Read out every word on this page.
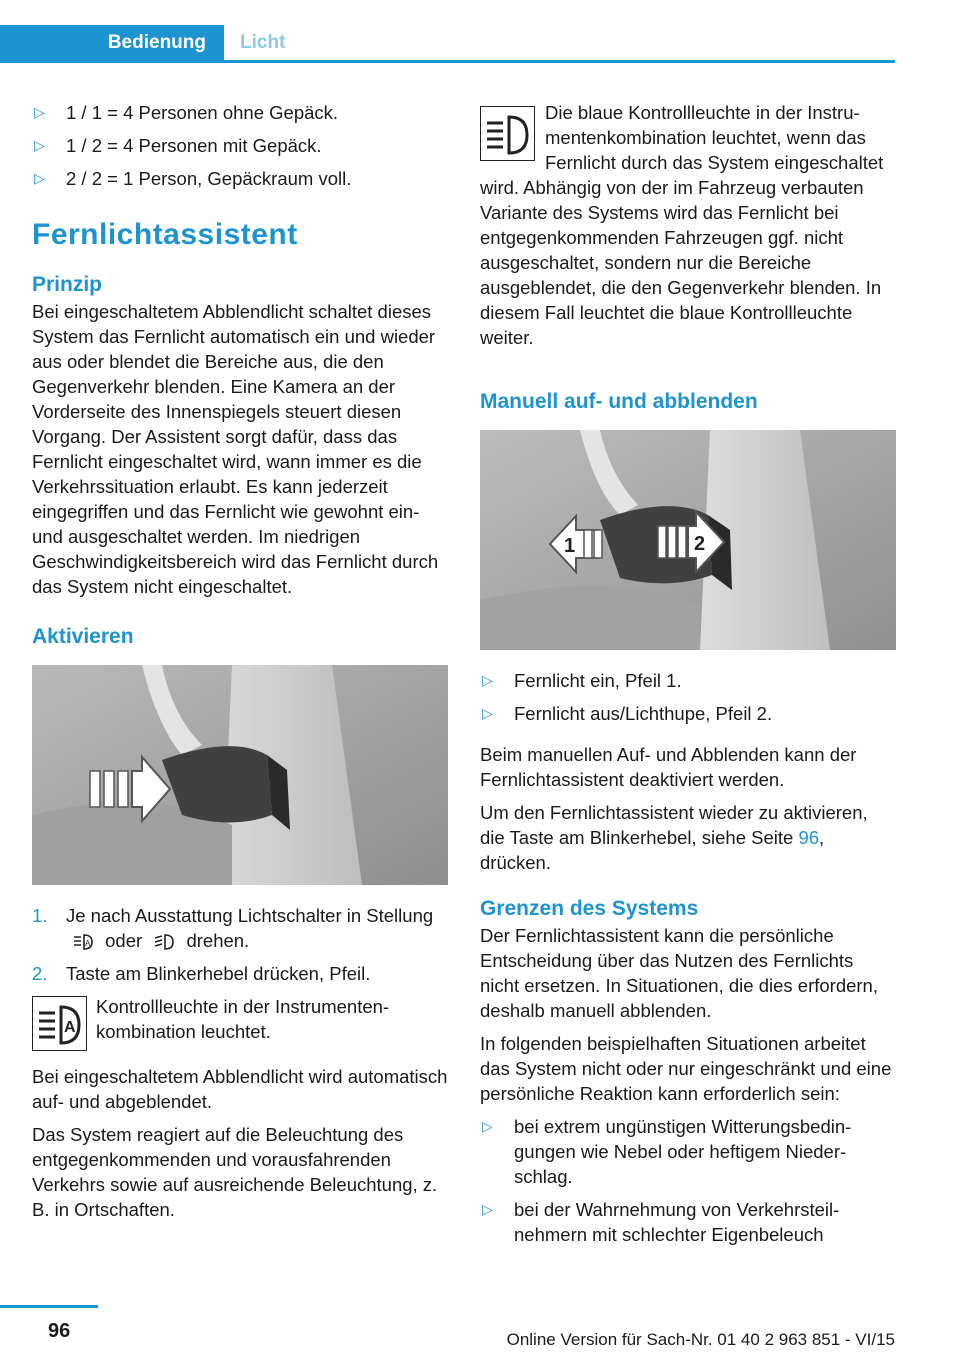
Bedienung	Licht
▷ 1 / 1 = 4 Personen ohne Gepäck.
▷ 1 / 2 = 4 Personen mit Gepäck.
▷ 2 / 2 = 1 Person, Gepäckraum voll.
Fernlichtassistent
Prinzip

Bei eingeschaltetem Abblendlicht schaltet dieses System das Fernlicht automatisch ein und wieder aus oder blendet die Bereiche aus, die den Gegenverkehr blenden. Eine Kamera an der Vorderseite des Innenspiegels steuert diesen Vorgang. Der Assistent sorgt dafür, dass das Fernlicht eingeschaltet wird, wann immer es die Verkehrssituation erlaubt. Es kann jederzeit eingegriffen und das Fernlicht wie gewohnt ein- und ausgeschaltet werden. Im niedrigen Geschwindigkeitsbereich wird das Fernlicht durch das System nicht eingeschaltet.

Aktivieren
1. Je nach Ausstattung Lichtschalter in Stellung
A oder drehen.
2. Taste am Blinkerhebel drücken, Pfeil.
A
Kontrollleuchte in der Instrumentenkombination leuchtet.

Bei eingeschaltetem Abblendlicht wird automatisch auf- und abgeblendet.

Das System reagiert auf die Beleuchtung des entgegenkommenden und vorausfahrenden Verkehrs sowie auf ausreichende Beleuchtung, z. B. in Ortschaften.

Die blaue Kontrollleuchte in der Instrumentenkombination leuchtet, wenn das Fernlicht durch das System eingeschaltet wird. Abhängig von der im Fahrzeug verbauten Variante des Systems wird das Fernlicht bei entgegenkommenden Fahrzeugen ggf. nicht ausgeschaltet, sondern nur die Bereiche ausgeblendet, die den Gegenverkehr blenden. In diesem Fall leuchtet die blaue Kontrollleuchte weiter.

Manuell auf- und abblenden
1	2
▷ Fernlicht ein, Pfeil 1.
▷ Fernlicht aus/Lichthupe, Pfeil 2.

Beim manuellen Auf- und Abblenden kann der Fernlichtassistent deaktiviert werden.

Um den Fernlichtassistent wieder zu aktivieren, die Taste am Blinkerhebel, siehe Seite 96, drücken.

Grenzen des Systems

Der Fernlichtassistent kann die persönliche Entscheidung über das Nutzen des Fernlichts nicht ersetzen. In Situationen, die dies erfordern, deshalb manuell abblenden.

In folgenden beispielhaften Situationen arbeitet das System nicht oder nur eingeschränkt und eine persönliche Reaktion kann erforderlich sein:

▷ bei extrem ungünstigen Witterungsbedingungen wie Nebel oder heftigem Niederschlag.
▷ bei der Wahrnehmung von Verkehrsteilnehmern mit schlechter Eigenbeleuch
96	Online Version für Sach-Nr. 01 40 2 963 851 - VI/15
